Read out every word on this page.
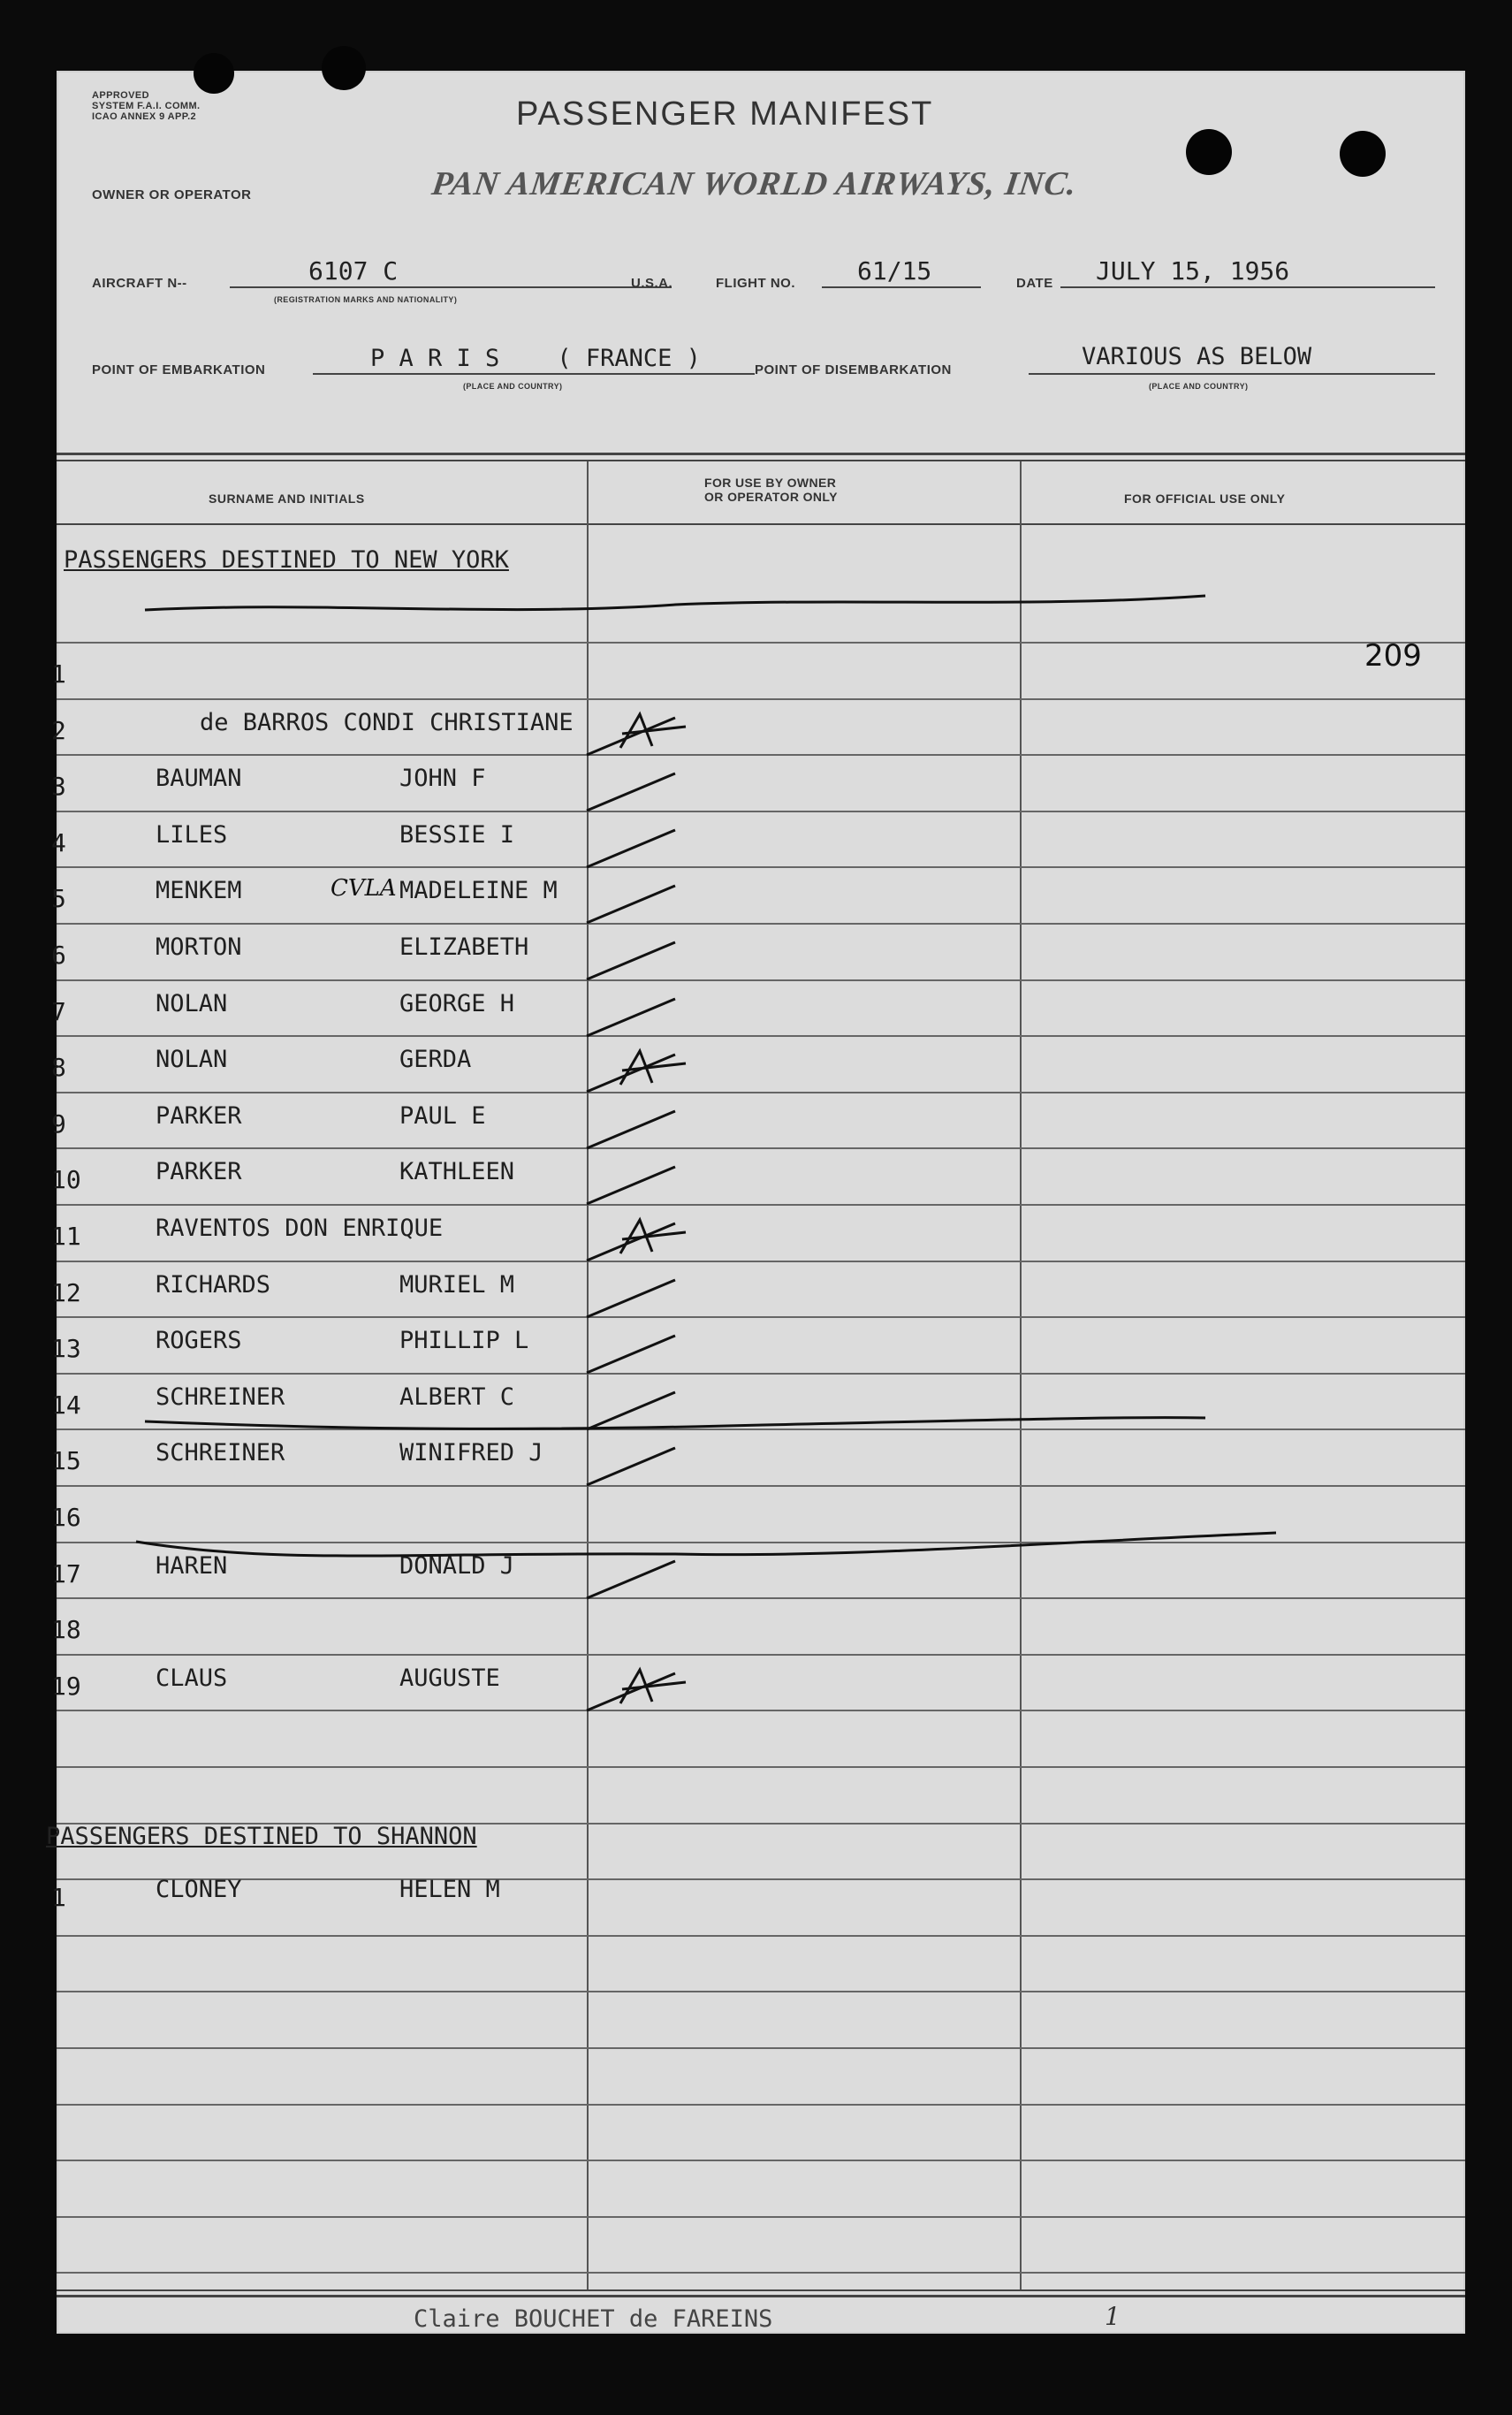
APPROVED
SYSTEM F.A.I. COMM.
ICAO ANNEX 9 APP.2	PASSENGER MANIFEST
OWNER OR OPERATOR	PAN AMERICAN WORLD AIRWAYS, INC.
AIRCRAFT N--	6107 C
(REGISTRATION MARKS AND NATIONALITY)
U.S.A.	FLIGHT NO.	61/15	DATE JULY 15, 1956
POINT OF EMBARKATION	P A R I S    ( FRANCE )
(PLACE AND COUNTRY)
POINT OF DISEMBARKATION	VARIOUS AS BELOW
(PLACE AND COUNTRY)
SURNAME AND INITIALS
FOR USE BY OWNER
OR OPERATOR ONLY	FOR OFFICIAL USE ONLY
PASSENGERS DESTINED TO NEW YORK
PASSENGERS DESTINED TO SHANNON
1
2	de BARROS CONDI CHRISTIANE
3	BAUMAN	JOHN F
4	LILES	BESSIE I
5	MENKEM	MADELEINE M
6	MORTON	ELIZABETH
7	NOLAN	GEORGE H
8	NOLAN	GERDA
9	PARKER	PAUL E
10	PARKER	KATHLEEN
11	RAVENTOS DON ENRIQUE
12	RICHARDS	MURIEL M
13	ROGERS	PHILLIP L
14	SCHREINER	ALBERT C
15	SCHREINER	WINIFRED J
16
17	HAREN	DONALD J
18
19	CLAUS	AUGUSTE
1	CLONEY	HELEN M
CVLA
209
Claire BOUCHET de FAREINS	1
